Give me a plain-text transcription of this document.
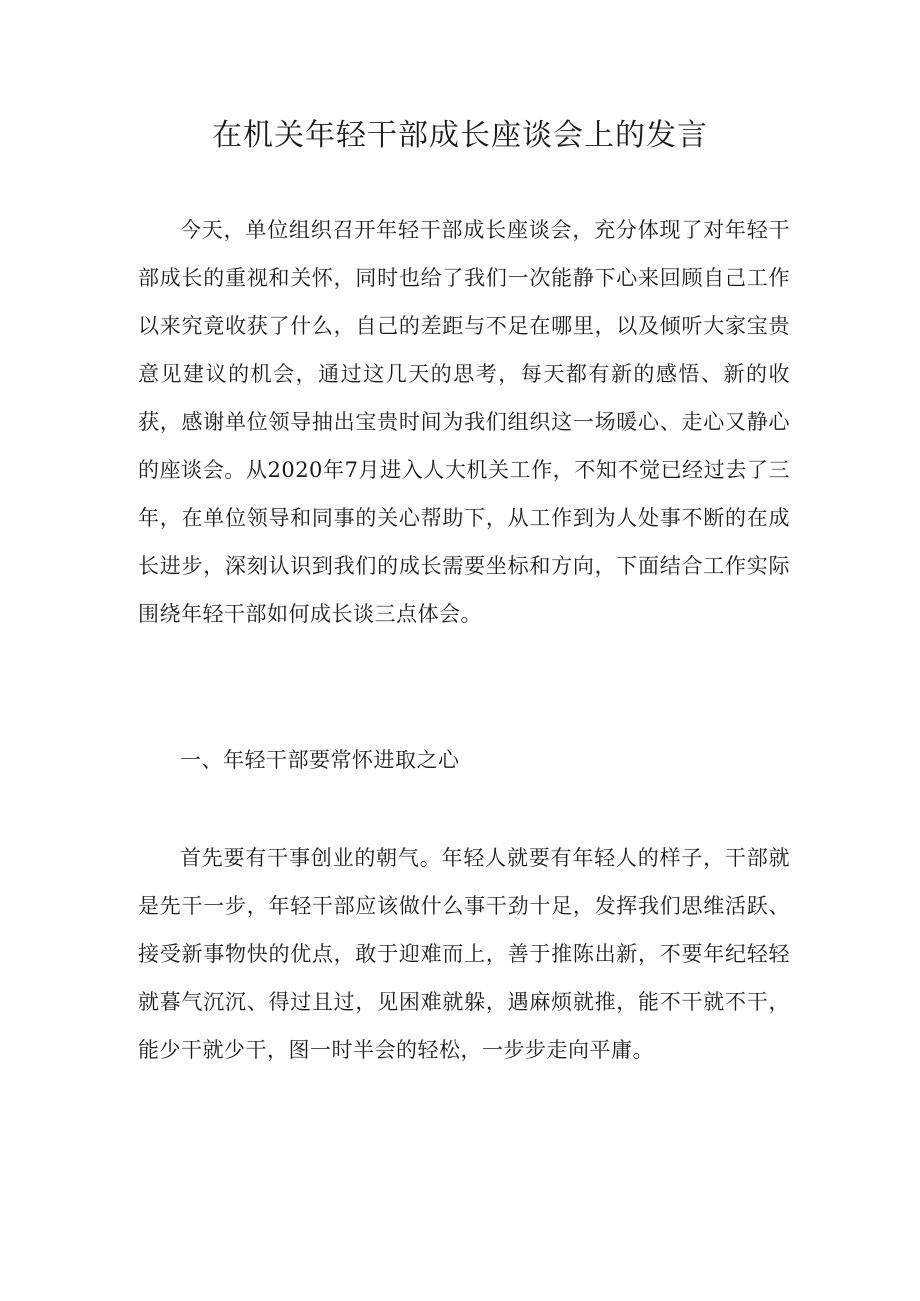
在机关年轻干部成长座谈会上的发言

今天，单位组织召开年轻干部成长座谈会，充分体现了对年轻干部成长的重视和关怀，同时也给了我们一次能静下心来回顾自己工作以来究竟收获了什么，自己的差距与不足在哪里，以及倾听大家宝贵意见建议的机会，通过这几天的思考，每天都有新的感悟、新的收获，感谢单位领导抽出宝贵时间为我们组织这一场暖心、走心又静心的座谈会。从2020年7月进入人大机关工作，不知不觉已经过去了三年，在单位领导和同事的关心帮助下，从工作到为人处事不断的在成长进步，深刻认识到我们的成长需要坐标和方向，下面结合工作实际围绕年轻干部如何成长谈三点体会。

一、年轻干部要常怀进取之心

首先要有干事创业的朝气。年轻人就要有年轻人的样子，干部就是先干一步，年轻干部应该做什么事干劲十足，发挥我们思维活跃、接受新事物快的优点，敢于迎难而上，善于推陈出新，不要年纪轻轻就暮气沉沉、得过且过，见困难就躲，遇麻烦就推，能不干就不干，能少干就少干，图一时半会的轻松，一步步走向平庸。
